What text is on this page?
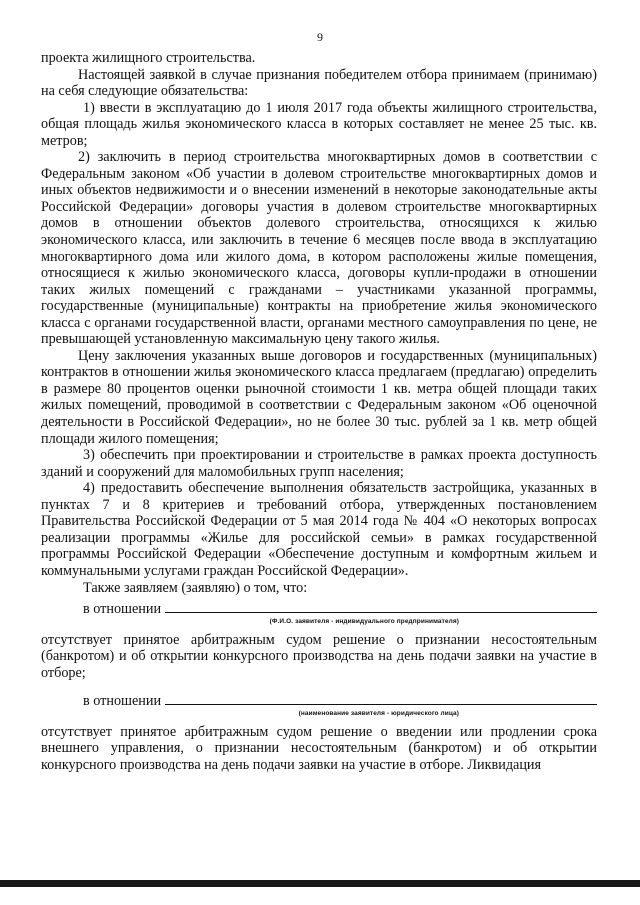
9

проекта жилищного строительства.

Настоящей заявкой в случае признания победителем отбора принимаем (принимаю) на себя следующие обязательства:

1) ввести в эксплуатацию до 1 июля 2017 года объекты жилищного строительства, общая площадь жилья экономического класса в которых составляет не менее 25 тыс. кв. метров;

2) заключить в период строительства многоквартирных домов в соответствии с Федеральным законом «Об участии в долевом строительстве многоквартирных домов и иных объектов недвижимости и о внесении изменений в некоторые законодательные акты Российской Федерации» договоры участия в долевом строительстве многоквартирных домов в отношении объектов долевого строительства, относящихся к жилью экономического класса, или заключить в течение 6 месяцев после ввода в эксплуатацию многоквартирного дома или жилого дома, в котором расположены жилые помещения, относящиеся к жилью экономического класса, договоры купли-продажи в отношении таких жилых помещений с гражданами – участниками указанной программы, государственные (муниципальные) контракты на приобретение жилья экономического класса с органами государственной власти, органами местного самоуправления по цене, не превышающей установленную максимальную цену такого жилья.

Цену заключения указанных выше договоров и государственных (муниципальных) контрактов в отношении жилья экономического класса предлагаем (предлагаю) определить в размере 80 процентов оценки рыночной стоимости 1 кв. метра общей площади таких жилых помещений, проводимой в соответствии с Федеральным законом «Об оценочной деятельности в Российской Федерации», но не более 30 тыс. рублей за 1 кв. метр общей площади жилого помещения;

3) обеспечить при проектировании и строительстве в рамках проекта доступность зданий и сооружений для маломобильных групп населения;

4) предоставить обеспечение выполнения обязательств застройщика, указанных в пунктах 7 и 8 критериев и требований отбора, утвержденных постановлением Правительства Российской Федерации от 5 мая 2014 года № 404 «О некоторых вопросах реализации программы «Жилье для российской семьи» в рамках государственной программы Российской Федерации «Обеспечение доступным и комфортным жильем и коммунальными услугами граждан Российской Федерации».

Также заявляем (заявляю) о том, что:

в отношении
(Ф.И.О. заявителя - индивидуального предпринимателя)

отсутствует принятое арбитражным судом решение о признании несостоятельным (банкротом) и об открытии конкурсного производства на день подачи заявки на участие в отборе;

в отношении
(наименование заявителя - юридического лица)

отсутствует принятое арбитражным судом решение о введении или продлении срока внешнего управления, о признании несостоятельным (банкротом) и об открытии конкурсного производства на день подачи заявки на участие в отборе. Ликвидация
